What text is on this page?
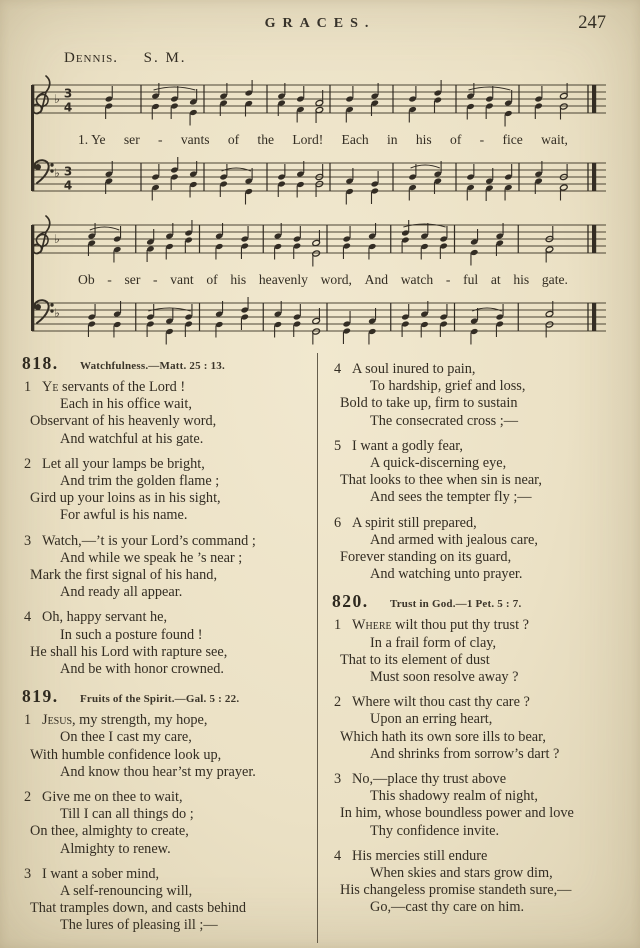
GRACES.	247
Dennis. S. M.
♭ 3
4
1. Ye ser - vants of the Lord! Each in his of - fice wait,
♭ 3
4
♭
Ob - ser - vant of his heavenly word, And watch - ful at his gate.
♭
818.	Watchfulness.—Matt. 25 : 13.
1 Ye servants of the Lord !
Each in his office wait,
Observant of his heavenly word,
And watchful at his gate.
2 Let all your lamps be bright,
And trim the golden flame ;
Gird up your loins as in his sight,
For awful is his name.
3 Watch,—’t is your Lord’s command ;
And while we speak he ’s near ;
Mark the first signal of his hand,
And ready all appear.
4 Oh, happy servant he,
In such a posture found !
He shall his Lord with rapture see,
And be with honor crowned.
819.	Fruits of the Spirit.—Gal. 5 : 22.
1 Jesus, my strength, my hope,
On thee I cast my care,
With humble confidence look up,
And know thou hear’st my prayer.
2 Give me on thee to wait,
Till I can all things do ;
On thee, almighty to create,
Almighty to renew.
3 I want a sober mind,
A self-renouncing will,
That tramples down, and casts behind
The lures of pleasing ill ;—
4 A soul inured to pain,
To hardship, grief and loss,
Bold to take up, firm to sustain
The consecrated cross ;—
5 I want a godly fear,
A quick-discerning eye,
That looks to thee when sin is near,
And sees the tempter fly ;—
6 A spirit still prepared,
And armed with jealous care,
Forever standing on its guard,
And watching unto prayer.
820.	Trust in God.—1 Pet. 5 : 7.
1 Where wilt thou put thy trust ?
In a frail form of clay,
That to its element of dust
Must soon resolve away ?
2 Where wilt thou cast thy care ?
Upon an erring heart,
Which hath its own sore ills to bear,
And shrinks from sorrow’s dart ?
3 No,—place thy trust above
This shadowy realm of night,
In him, whose boundless power and love
Thy confidence invite.
4 His mercies still endure
When skies and stars grow dim,
His changeless promise standeth sure,—
Go,—cast thy care on him.
